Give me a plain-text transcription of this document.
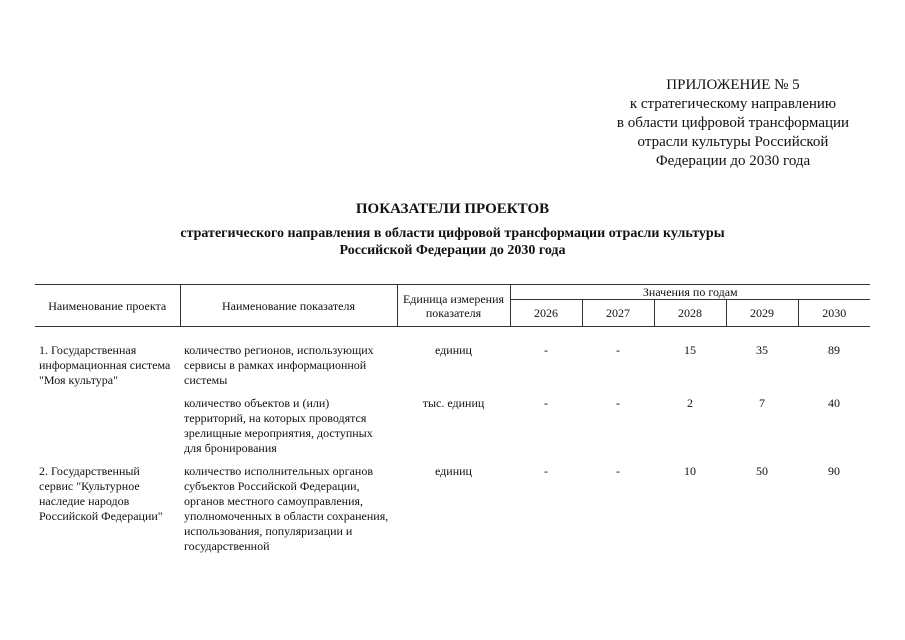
ПРИЛОЖЕНИЕ № 5
к стратегическому направлению
в области цифровой трансформации
отрасли культуры Российской
Федерации до 2030 года
ПОКАЗАТЕЛИ ПРОЕКТОВ
стратегического направления в области цифровой трансформации отрасли культуры
Российской Федерации до 2030 года
Наименование проекта	Наименование показателя	Единица измерения показателя	Значения по годам				
			2026	2027	2028	2029	2030

1. Государственная информационная система "Моя культура"	количество регионов, использующих сервисы в рамках информационной системы	единиц	-	-	15	35	89
	количество объектов и (или) территорий, на которых проводятся зрелищные мероприятия, доступных для бронирования	тыс. единиц	-	-	2	7	40
2. Государственный сервис "Культурное наследие народов Российской Федерации"	количество исполнительных органов субъектов Российской Федерации, органов местного самоуправления, уполномоченных в области сохранения, использования, популяризации и государственной	единиц	-	-	10	50	90
